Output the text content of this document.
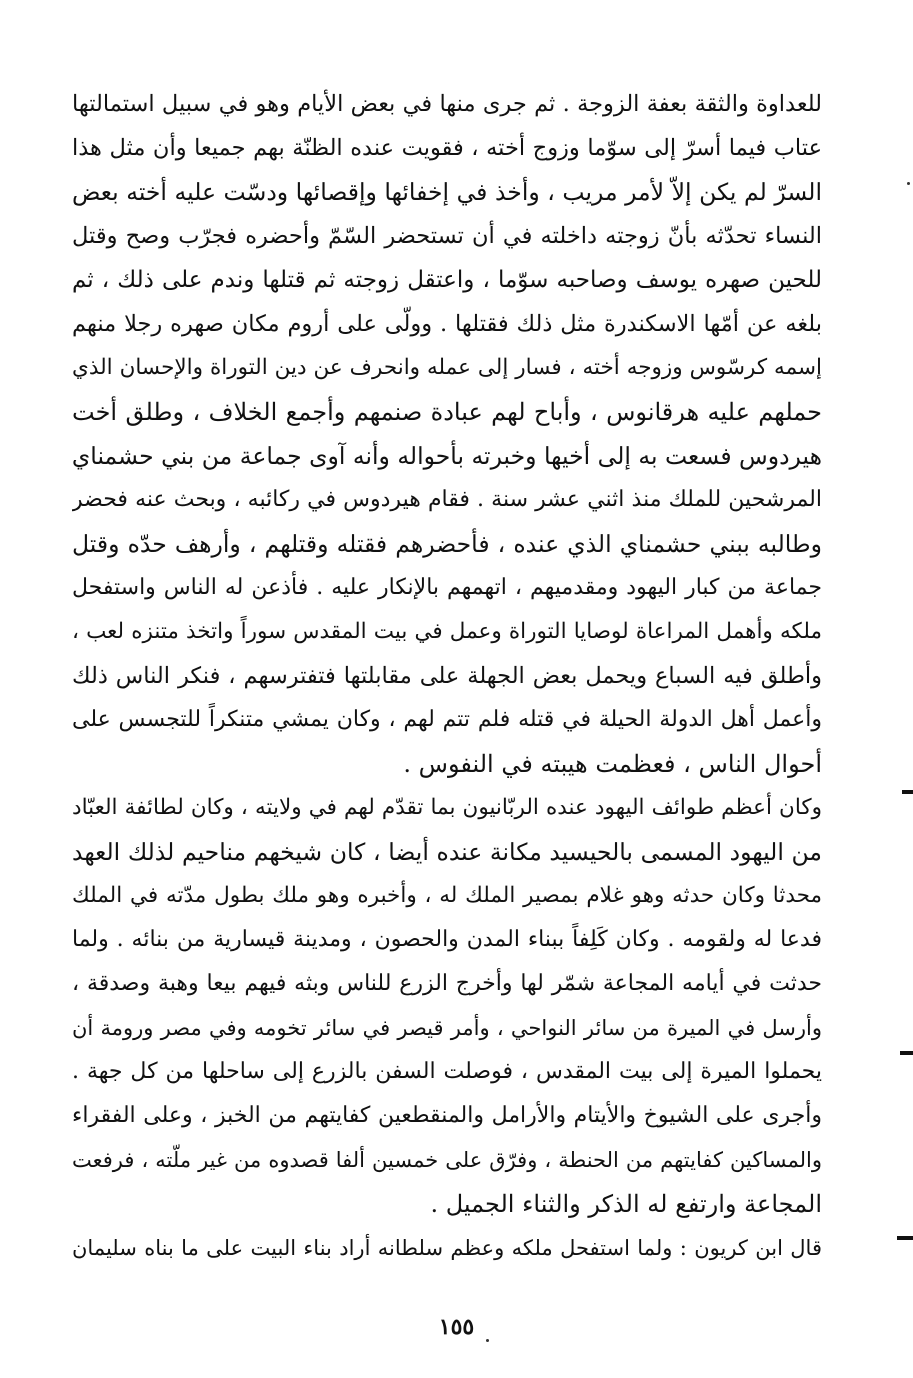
للعداوة والثقة بعفة الزوجة . ثم جرى منها في بعض الأيام وهو في سبيل استمالتها
عتاب فيما أسرّ إلى سوّما وزوج أخته ، فقويت عنده الظنّة بهم جميعا وأن مثل هذا
السرّ لم يكن إلاّ لأمر مريب ، وأخذ في إخفائها وإقصائها ودسّت عليه أخته بعض
النساء تحدّثه بأنّ زوجته داخلته في أن تستحضر السّمّ وأحضره فجرّب وصح وقتل
للحين صهره يوسف وصاحبه سوّما ، واعتقل زوجته ثم قتلها وندم على ذلك ، ثم
بلغه عن أمّها الاسكندرة مثل ذلك فقتلها . وولّى على أروم مكان صهره رجلا منهم
إسمه كرسّوس وزوجه أخته ، فسار إلى عمله وانحرف عن دين التوراة والإحسان الذي
حملهم عليه هرقانوس ، وأباح لهم عبادة صنمهم وأجمع الخلاف ، وطلق أخت
هيردوس فسعت به إلى أخيها وخبرته بأحواله وأنه آوى جماعة من بني حشمناي
المرشحين للملك منذ اثني عشر سنة . فقام هيردوس في ركائبه ، وبحث عنه فحضر
وطالبه ببني حشمناي الذي عنده ، فأحضرهم فقتله وقتلهم ، وأرهف حدّه وقتل
جماعة من كبار اليهود ومقدميهم ، اتهمهم بالإنكار عليه . فأذعن له الناس واستفحل
ملكه وأهمل المراعاة لوصايا التوراة وعمل في بيت المقدس سوراً واتخذ متنزه لعب ،
وأطلق فيه السباع ويحمل بعض الجهلة على مقابلتها فتفترسهم ، فنكر الناس ذلك
وأعمل أهل الدولة الحيلة في قتله فلم تتم لهم ، وكان يمشي متنكراً للتجسس على
أحوال الناس ، فعظمت هيبته في النفوس .
وكان أعظم طوائف اليهود عنده الربّانيون بما تقدّم لهم في ولايته ، وكان لطائفة العبّاد
من اليهود المسمى بالحيسيد مكانة عنده أيضا ، كان شيخهم مناحيم لذلك العهد
محدثا وكان حدثه وهو غلام بمصير الملك له ، وأخبره وهو ملك بطول مدّته في الملك
فدعا له ولقومه . وكان كَلِفاً ببناء المدن والحصون ، ومدينة قيسارية من بنائه . ولما
حدثت في أيامه المجاعة شمّر لها وأخرج الزرع للناس وبثه فيهم بيعا وهبة وصدقة ،
وأرسل في الميرة من سائر النواحي ، وأمر قيصر في سائر تخومه وفي مصر ورومة أن
يحملوا الميرة إلى بيت المقدس ، فوصلت السفن بالزرع إلى ساحلها من كل جهة .
وأجرى على الشيوخ والأيتام والأرامل والمنقطعين كفايتهم من الخبز ، وعلى الفقراء
والمساكين كفايتهم من الحنطة ، وفرّق على خمسين ألفا قصدوه من غير ملّته ، فرفعت
المجاعة وارتفع له الذكر والثناء الجميل .
قال ابن كريون : ولما استفحل ملكه وعظم سلطانه أراد بناء البيت على ما بناه سليمان
١٥٥
